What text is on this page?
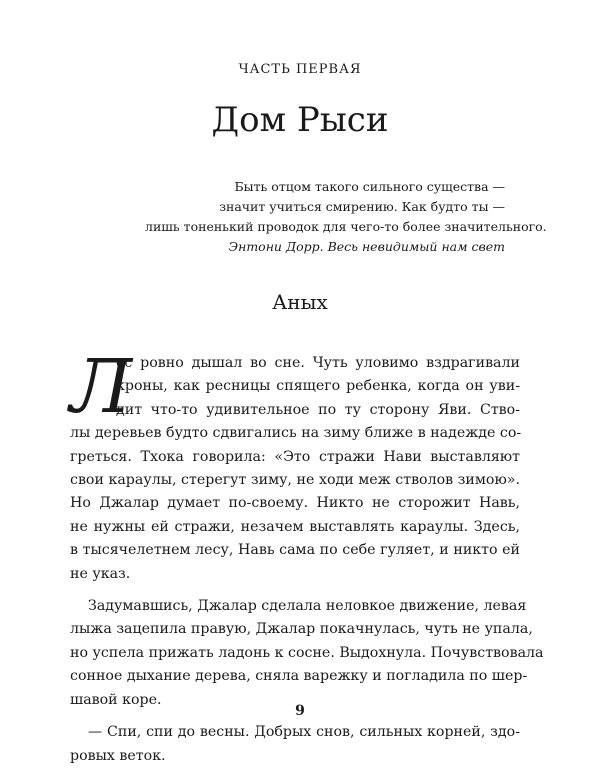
ЧАСТЬ ПЕРВАЯ
Дом Рыси
Быть отцом такого сильного существа —
значит учиться смирению. Как будто ты —
лишь тоненький проводок для чего-то более значительного.
Энтони Дорр. Весь невидимый нам свет
Аных
Л
ес ровно дышал во сне. Чуть уловимо вздрагивали
кроны, как ресницы спящего ребенка, когда он уви-
дит что-то удивительное по ту сторону Яви. Ство-
лы деревьев будто сдвигались на зиму ближе в надежде со-
греться. Тхока говорила: «Это стражи Нави выставляют
свои караулы, стерегут зиму, не ходи меж стволов зимою».
Но Джалар думает по-своему. Никто не сторожит Навь,
не нужны ей стражи, незачем выставлять караулы. Здесь,
в тысячелетнем лесу, Навь сама по себе гуляет, и никто ей
не указ.
Задумавшись, Джалар сделала неловкое движение, левая
лыжа зацепила правую, Джалар покачнулась, чуть не упала,
но успела прижать ладонь к сосне. Выдохнула. Почувствовала
сонное дыхание дерева, сняла варежку и погладила по шер-
шавой коре.
— Спи, спи до весны. Добрых снов, сильных корней, здо-
ровых веток.
9
